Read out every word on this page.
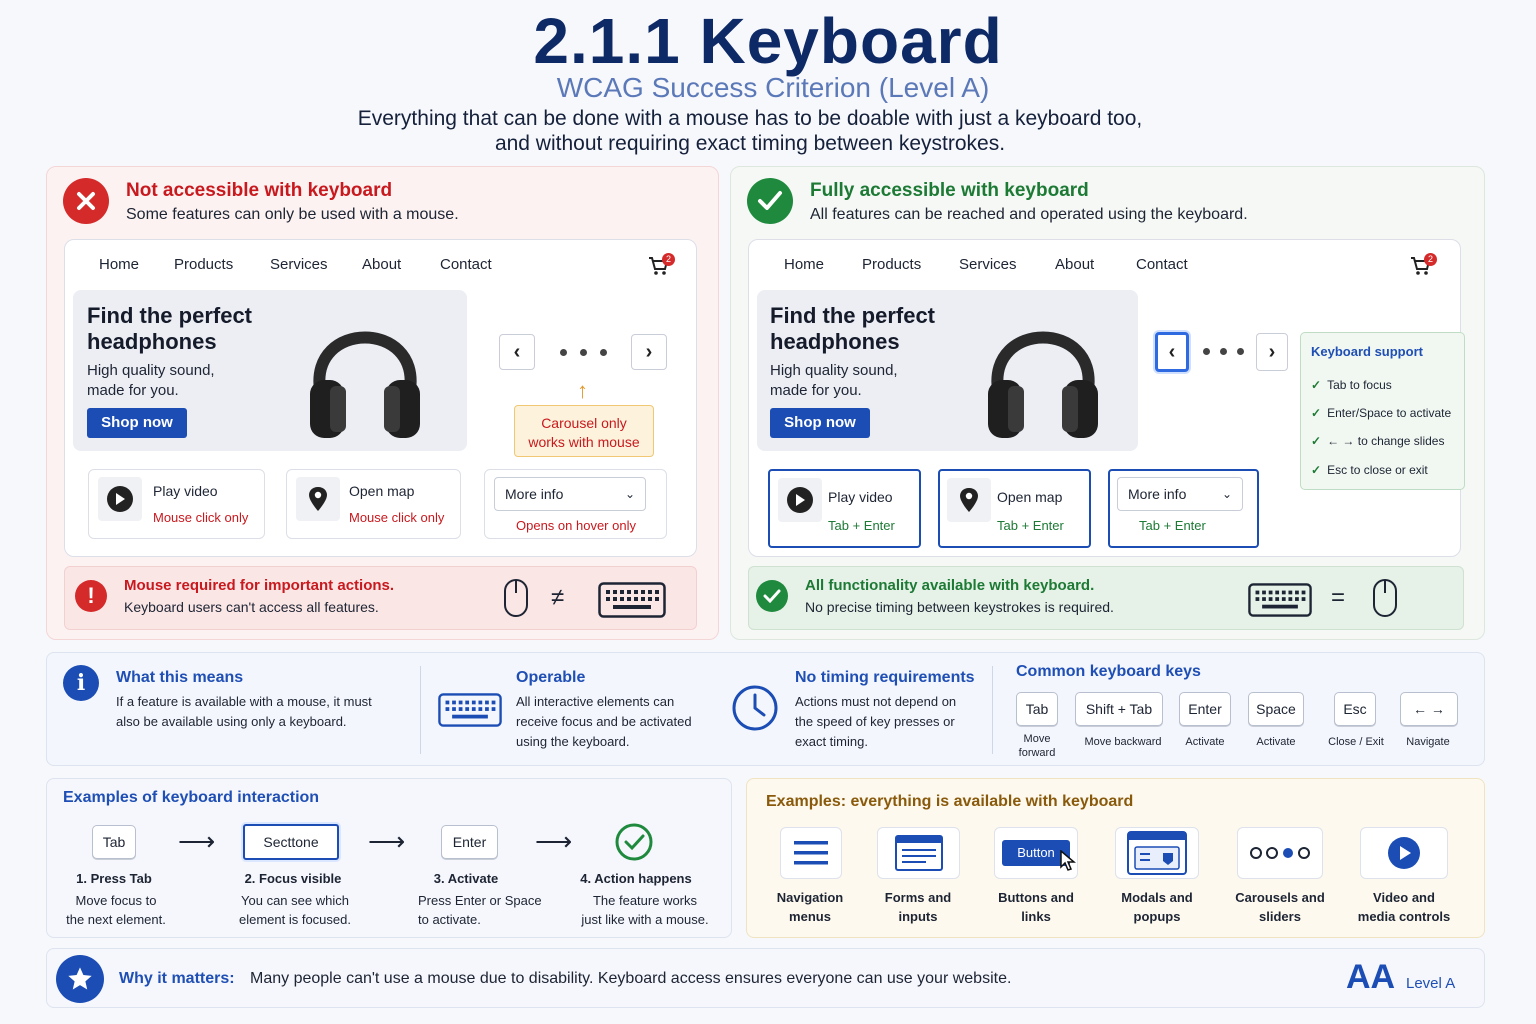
2.1.1 Keyboard
WCAG Success Criterion (Level A)
Everything that can be done with a mouse has to be doable with just a keyboard too,
and without requiring exact timing between keystrokes.
Not accessible with keyboard
Some features can only be used with a mouse.
Home Products Services About	Contact	2
Find the perfect
headphones
High quality sound,
made for you.
Shop now
‹	›
↑
Carousel only
works with mouse
Play video
Mouse click only
Open map
Mouse click only
More info	⌄
Opens on hover only
!	Mouse required for important actions.
Keyboard users can't access all features.	≠
Fully accessible with keyboard
All features can be reached and operated using the keyboard.
Home	Products	Services	About	Contact	2
Find the perfect
headphones
High quality sound,
made for you.
Shop now
‹	›	Keyboard support
✓ Tab to focus
✓ Enter/Space to activate
✓ ← → to change slides
✓ Esc to close or exit
Play video
Tab + Enter
Open map
Tab + Enter
More info	⌄
Tab + Enter
All functionality available with keyboard.
No precise timing between keystrokes is required.	=
i	What this means
If a feature is available with a mouse, it must
also be available using only a keyboard.
Operable
All interactive elements can
receive focus and be activated
using the keyboard.
No timing requirements
Actions must not depend on
the speed of key presses or
exact timing.
Common keyboard keys
Tab
Move
forward
Shift + Tab
Move backward
Enter
Activate
Space
Activate
Esc
Close / Exit
← →
Navigate
Examples of keyboard interaction
Tab
1. Press Tab
Move focus to
the next element.
⟶	Secttone
2. Focus visible
You can see which
element is focused.
⟶	Enter
3. Activate
Press Enter or Space
to activate.
⟶
4. Action happens
The feature works
just like with a mouse.
Examples: everything is available with keyboard
Navigation
menus
Forms and
inputs
Button
Buttons and
links
Modals and
popups
Carousels and
sliders
Video and
media controls
Why it matters: Many people can't use a mouse due to disability. Keyboard access ensures everyone can use your website.	AA Level A
